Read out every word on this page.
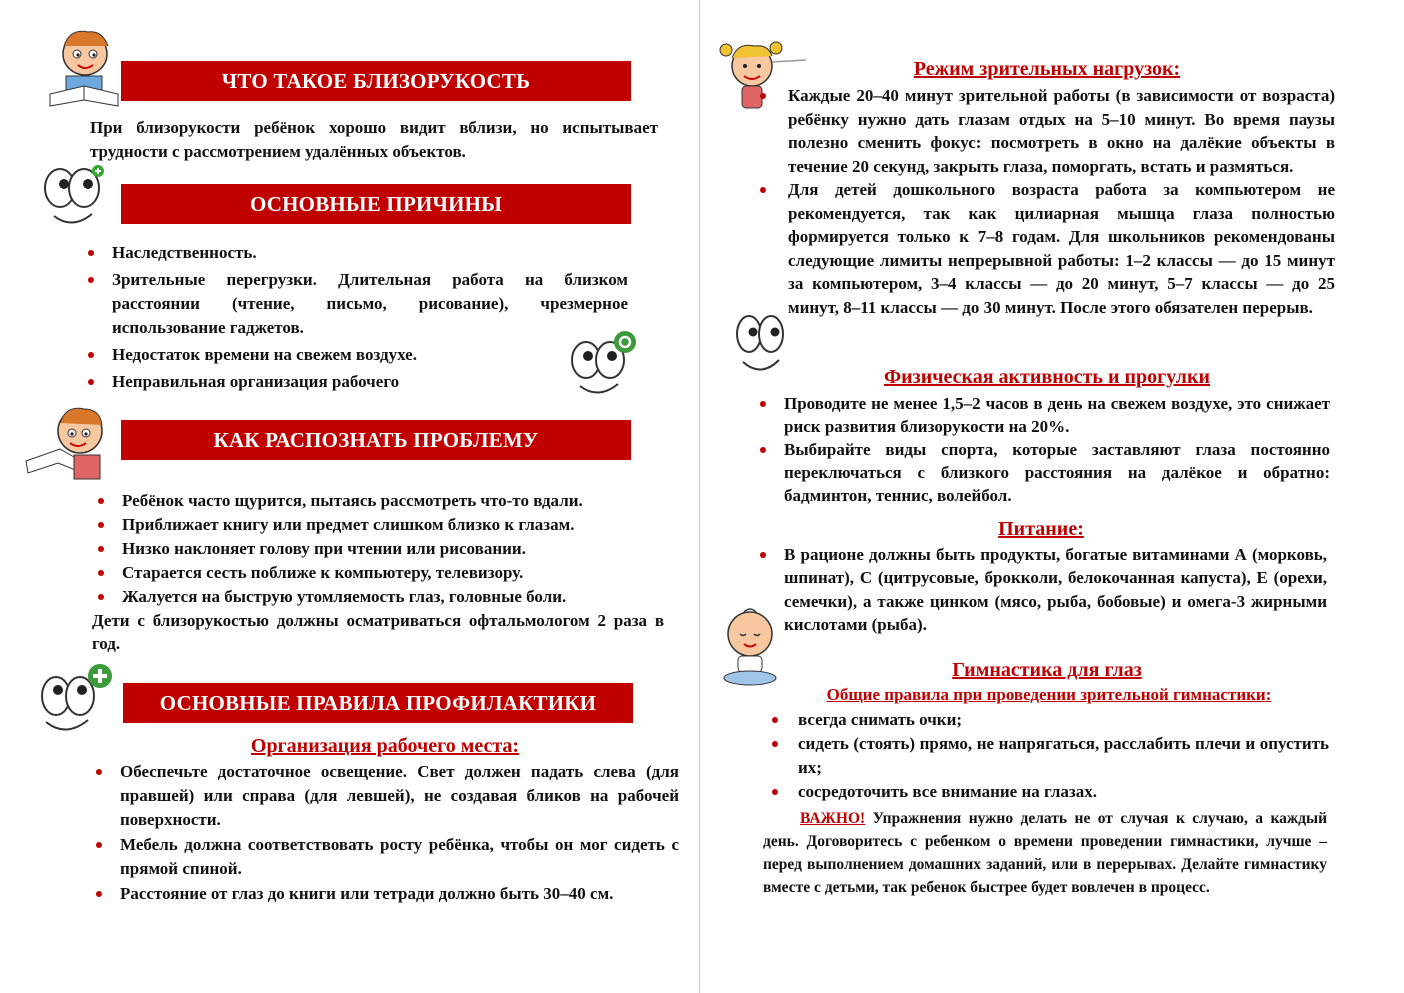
ЧТО ТАКОЕ БЛИЗОРУКОСТЬ
При близорукости ребёнок хорошо видит вблизи, но испытывает трудности с рассмотрением удалённых объектов.
ОСНОВНЫЕ ПРИЧИНЫ
Наследственность.
Зрительные перегрузки. Длительная работа на близком расстоянии (чтение, письмо, рисование), чрезмерное использование гаджетов.
Недостаток времени на свежем воздухе.
Неправильная организация рабочего
КАК РАСПОЗНАТЬ ПРОБЛЕМУ
Ребёнок часто щурится, пытаясь рассмотреть что-то вдали.
Приближает книгу или предмет слишком близко к глазам.
Низко наклоняет голову при чтении или рисовании.
Старается сесть поближе к компьютеру, телевизору.
Жалуется на быструю утомляемость глаз, головные боли.
Дети с близорукостью должны осматриваться офтальмологом 2 раза в год.
ОСНОВНЫЕ ПРАВИЛА ПРОФИЛАКТИКИ
Организация рабочего места:
Обеспечьте достаточное освещение. Свет должен падать слева (для правшей) или справа (для левшей), не создавая бликов на рабочей поверхности.
Мебель должна соответствовать росту ребёнка, чтобы он мог сидеть с прямой спиной.
Расстояние от глаз до книги или тетради должно быть 30–40 см.
Режим зрительных нагрузок:
Каждые 20–40 минут зрительной работы (в зависимости от возраста) ребёнку нужно дать глазам отдых на 5–10 минут. Во время паузы полезно сменить фокус: посмотреть в окно на далёкие объекты в течение 20 секунд, закрыть глаза, поморгать, встать и размяться.
Для детей дошкольного возраста работа за компьютером не рекомендуется, так как цилиарная мышца глаза полностью формируется только к 7–8 годам. Для школьников рекомендованы следующие лимиты непрерывной работы: 1–2 классы — до 15 минут за компьютером, 3–4 классы — до 20 минут, 5–7 классы — до 25 минут, 8–11 классы — до 30 минут. После этого обязателен перерыв.
Физическая активность и прогулки
Проводите не менее 1,5–2 часов в день на свежем воздухе, это снижает риск развития близорукости на 20%.
Выбирайте виды спорта, которые заставляют глаза постоянно переключаться с близкого расстояния на далёкое и обратно: бадминтон, теннис, волейбол.
Питание:
В рационе должны быть продукты, богатые витаминами А (морковь, шпинат), С (цитрусовые, брокколи, белокочанная капуста), Е (орехи, семечки), а также цинком (мясо, рыба, бобовые) и омега-3 жирными кислотами (рыба).
Гимнастика для глаз
Общие правила при проведении зрительной гимнастики:
всегда снимать очки;
сидеть (стоять) прямо, не напрягаться, расслабить плечи и опустить их;
сосредоточить все внимание на глазах.
ВАЖНО! Упражнения нужно делать не от случая к случаю, а каждый день. Договоритесь с ребенком о времени проведении гимнастики, лучше – перед выполнением домашних заданий, или в перерывах. Делайте гимнастику вместе с детьми, так ребенок быстрее будет вовлечен в процесс.
